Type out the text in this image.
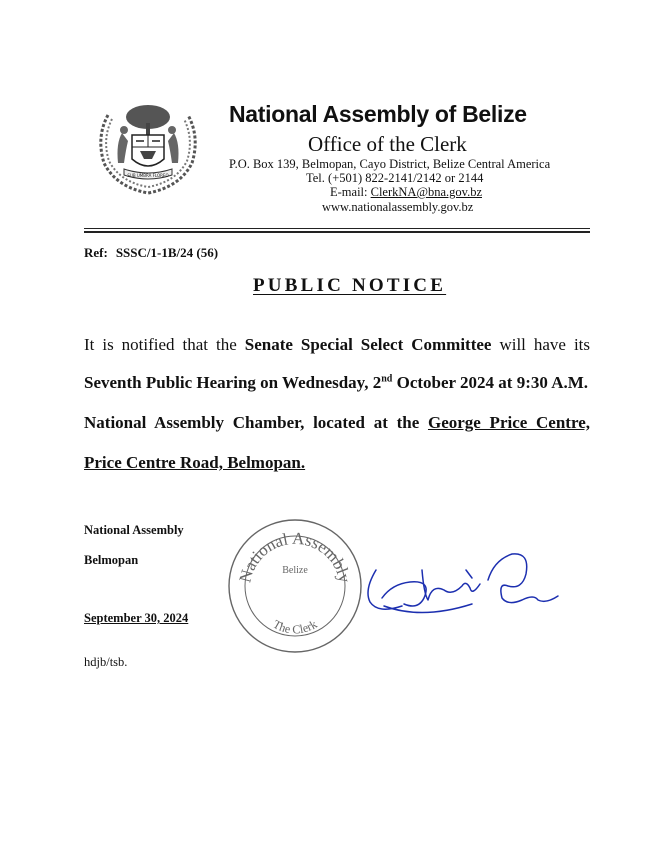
SUB UMBRA FLOREO
National Assembly of Belize
Office of the Clerk
P.O. Box 139, Belmopan, Cayo District, Belize Central America
Tel. (+501) 822-2141/2142 or 2144
E-mail: ClerkNA@bna.gov.bz
www.nationalassembly.gov.bz
Ref: SSSC/1-1B/24 (56)
PUBLIC NOTICE
It is notified that the Senate Special Select Committee will have its
Seventh Public Hearing on Wednesday, 2nd October 2024 at 9:30 A.M.
National Assembly Chamber, located at the George Price Centre,
Price Centre Road, Belmopan.
National Assembly
Belmopan
September 30, 2024
hdjb/tsb.
National Assembly
Belize
The Clerk
